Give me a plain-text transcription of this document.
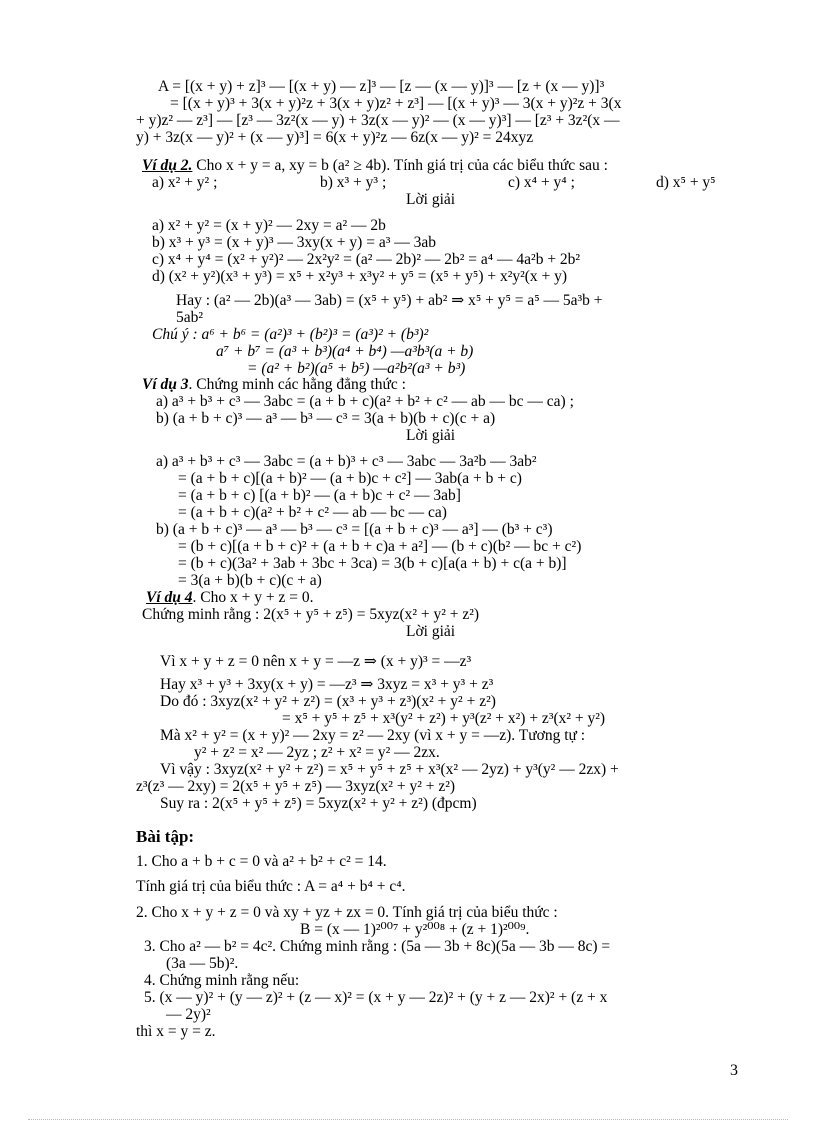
A = [(x + y) + z]³ — [(x + y) — z]³ — [z — (x — y)]³ — [z + (x — y)]³
= [(x + y)³ + 3(x + y)²z + 3(x + y)z² + z³] — [(x + y)³ — 3(x + y)²z + 3(x
+ y)z² — z³] — [z³ — 3z²(x — y) + 3z(x — y)² — (x — y)³] — [z³ + 3z²(x —
y) + 3z(x — y)² + (x — y)³] = 6(x + y)²z — 6z(x — y)² = 24xyz
Ví dụ 2. Cho x + y = a, xy = b (a² ≥ 4b). Tính giá trị của các biểu thức sau :
a) x² + y² ;	b) x³ + y³ ;	c) x⁴ + y⁴ ;	d) x⁵ + y⁵
Lời giải
a) x² + y² = (x + y)² — 2xy = a² — 2b
b) x³ + y³ = (x + y)³ — 3xy(x + y) = a³ — 3ab
c) x⁴ + y⁴ = (x² + y²)² — 2x²y² = (a² — 2b)² — 2b² = a⁴ — 4a²b + 2b²
d) (x² + y²)(x³ + y³) = x⁵ + x²y³ + x³y² + y⁵ = (x⁵ + y⁵) + x²y²(x + y)
Hay : (a² — 2b)(a³ — 3ab) = (x⁵ + y⁵) + ab² ⇒ x⁵ + y⁵ = a⁵ — 5a³b +
5ab²
Chú ý : a⁶ + b⁶ = (a²)³ + (b²)³ = (a³)² + (b³)²
a⁷ + b⁷ = (a³ + b³)(a⁴ + b⁴) —a³b³(a + b)
= (a² + b²)(a⁵ + b⁵) —a²b²(a³ + b³)
Ví dụ 3. Chứng minh các hằng đẳng thức :
a) a³ + b³ + c³ — 3abc = (a + b + c)(a² + b² + c² — ab — bc — ca) ;
b) (a + b + c)³ — a³ — b³ — c³ = 3(a + b)(b + c)(c + a)
Lời giải
a) a³ + b³ + c³ — 3abc = (a + b)³ + c³ — 3abc — 3a²b — 3ab²
= (a + b + c)[(a + b)² — (a + b)c + c²] — 3ab(a + b + c)
= (a + b + c) [(a + b)² — (a + b)c + c² — 3ab]
= (a + b + c)(a² + b² + c² — ab — bc — ca)
b) (a + b + c)³ — a³ — b³ — c³ = [(a + b + c)³ — a³] — (b³ + c³)
= (b + c)[(a + b + c)² + (a + b + c)a + a²] — (b + c)(b² — bc + c²)
= (b + c)(3a² + 3ab + 3bc + 3ca) = 3(b + c)[a(a + b) + c(a + b)]
= 3(a + b)(b + c)(c + a)
Ví dụ 4. Cho x + y + z = 0.
Chứng minh rằng : 2(x⁵ + y⁵ + z⁵) = 5xyz(x² + y² + z²)
Lời giải
Vì x + y + z = 0 nên x + y = —z ⇒ (x + y)³ = —z³
Hay x³ + y³ + 3xy(x + y) = —z³ ⇒ 3xyz = x³ + y³ + z³
Do đó : 3xyz(x² + y² + z²) = (x³ + y³ + z³)(x² + y² + z²)
= x⁵ + y⁵ + z⁵ + x³(y² + z²) + y³(z² + x²) + z³(x² + y²)
Mà x² + y² = (x + y)² — 2xy = z² — 2xy (vì x + y = —z). Tương tự :
y² + z² = x² — 2yz ; z² + x² = y² — 2zx.
Vì vậy : 3xyz(x² + y² + z²) = x⁵ + y⁵ + z⁵ + x³(x² — 2yz) + y³(y² — 2zx) +
z³(z³ — 2xy) = 2(x⁵ + y⁵ + z⁵) — 3xyz(x² + y² + z²)
Suy ra : 2(x⁵ + y⁵ + z⁵) = 5xyz(x² + y² + z²) (đpcm)
Bài tập:
1. Cho a + b + c = 0 và a² + b² + c² = 14.
Tính giá trị của biểu thức : A = a⁴ + b⁴ + c⁴.
2. Cho x + y + z = 0 và xy + yz + zx = 0. Tính giá trị của biểu thức :
B = (x — 1)²⁰⁰⁷ + y²⁰⁰⁸ + (z + 1)²⁰⁰⁹.
3. Cho a² — b² = 4c². Chứng minh rằng : (5a — 3b + 8c)(5a — 3b — 8c) =
(3a — 5b)².
4. Chứng minh rằng nếu:
5. (x — y)² + (y — z)² + (z — x)² = (x + y — 2z)² + (y + z — 2x)² + (z + x
— 2y)²
thì x = y = z.
3
